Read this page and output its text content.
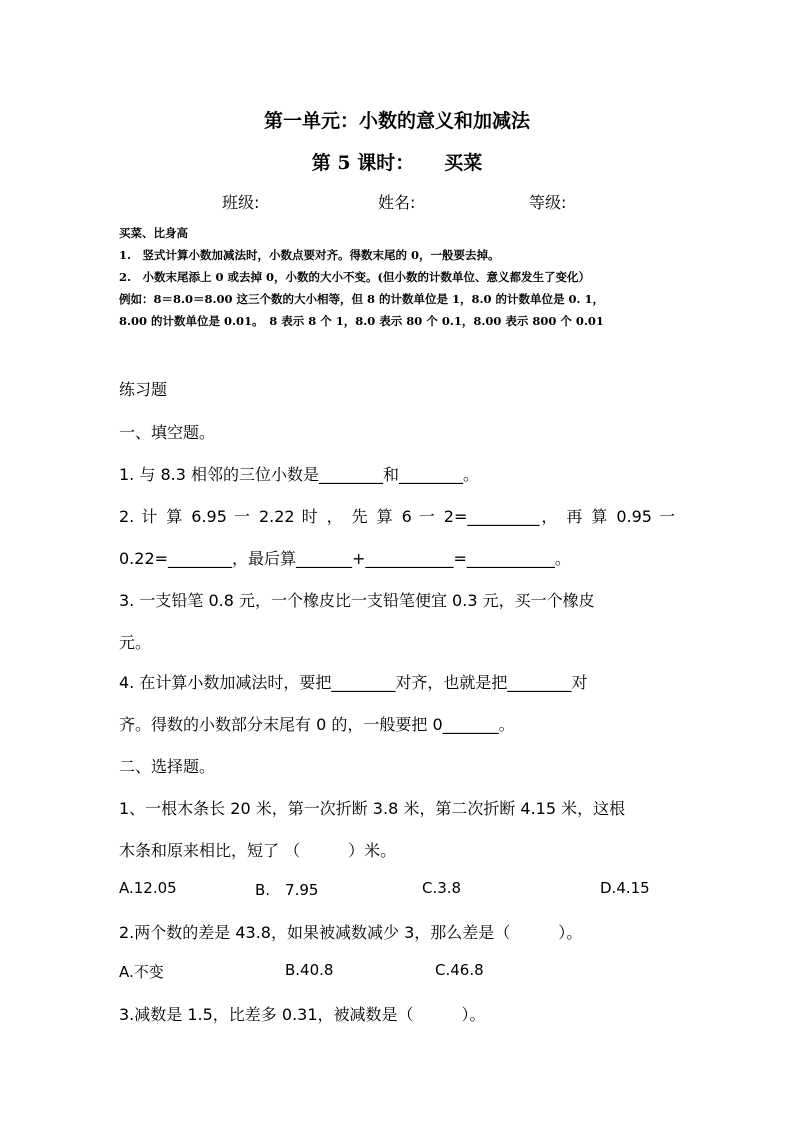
第一单元：小数的意义和加减法
第 5 课时： 买菜
班级:	姓名:	等级:
买菜、比身高
1.　竖式计算小数加减法时，小数点要对齐。得数末尾的 0，一般要去掉。
2.　小数末尾添上 0 或去掉 0，小数的大小不变。(但小数的计数单位、意义都发生了变化）
例如：8＝8.0＝8.00 这三个数的大小相等，但 8 的计数单位是 1，8.0 的计数单位是 0. 1，
8.00 的计数单位是 0.01。　8 表示 8 个 1，8.0 表示 80 个 0.1，8.00 表示 800 个 0.01
练习题
一、填空题。
1. 与 8.3 相邻的三位小数是________和________。
2. 计 算 6.95 一 2.22 时 ， 先 算 6 一 2=_________， 再 算 0.95 一
0.22=________，最后算_______+___________=___________。
3. 一支铅笔 0.8 元，一个橡皮比一支铅笔便宜 0.3 元，买一个橡皮
元。
4. 在计算小数加减法时，要把________对齐，也就是把________对
齐。得数的小数部分末尾有 0 的，一般要把 0_______。
二、选择题。
1、一根木条长 20 米，第一次折断 3.8 米，第二次折断 4.15 米，这根
木条和原来相比，短了 （　　　）米。
A.12.05	B.　7.95	C.3.8	D.4.15
2.两个数的差是 43.8，如果被减数减少 3，那么差是（　　　）。
A.不变	B.40.8	C.46.8
3.减数是 1.5，比差多 0.31，被减数是（　　　）。
